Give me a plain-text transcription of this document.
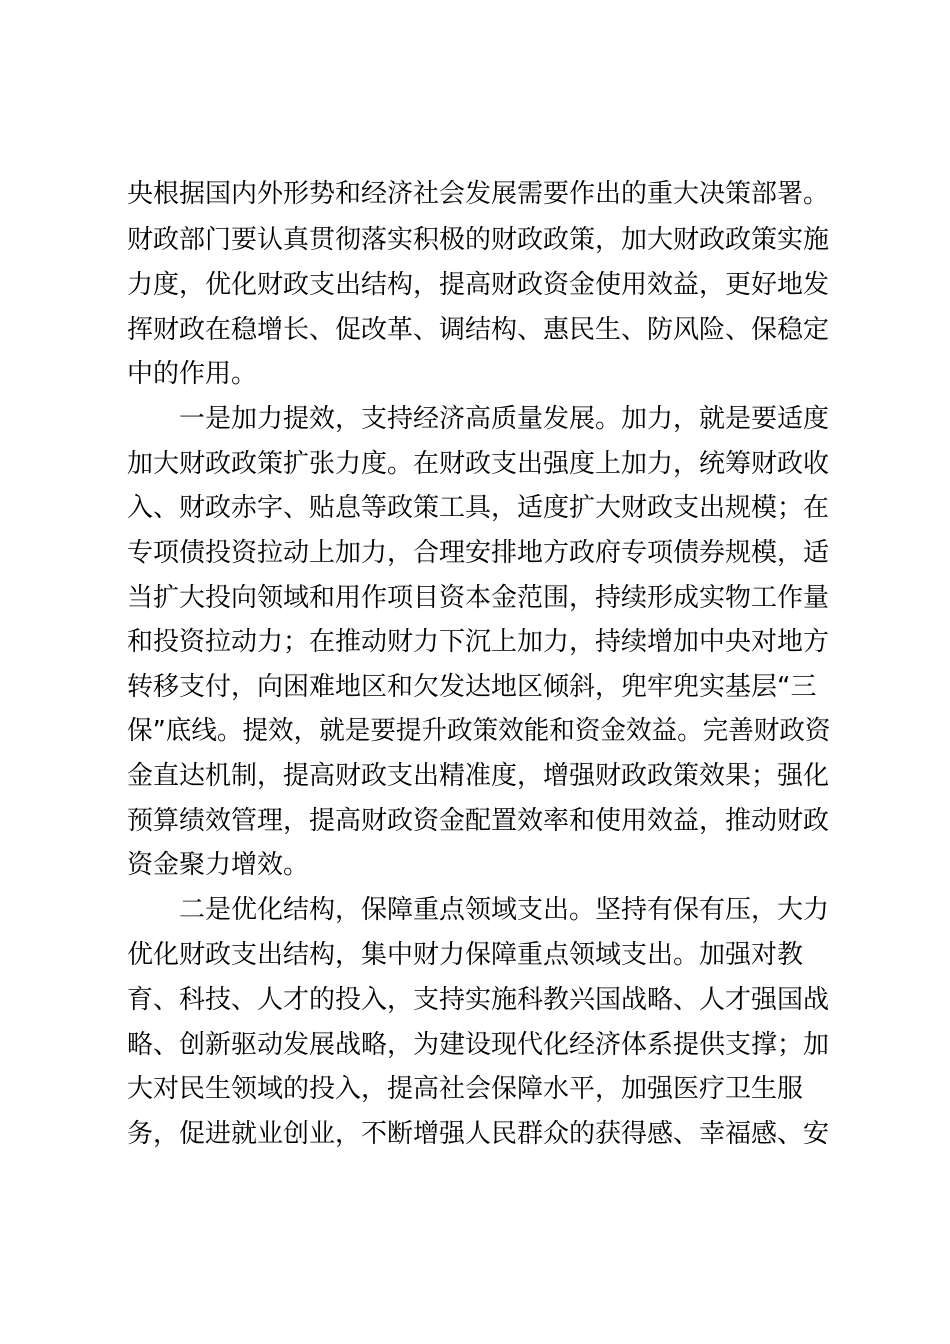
央根据国内外形势和经济社会发展需要作出的重大决策部署。
财政部门要认真贯彻落实积极的财政政策，加大财政政策实施
力度，优化财政支出结构，提高财政资金使用效益，更好地发
挥财政在稳增长、促改革、调结构、惠民生、防风险、保稳定
中的作用。
一是加力提效，支持经济高质量发展。加力，就是要适度
加大财政政策扩张力度。在财政支出强度上加力，统筹财政收
入、财政赤字、贴息等政策工具，适度扩大财政支出规模；在
专项债投资拉动上加力，合理安排地方政府专项债券规模，适
当扩大投向领域和用作项目资本金范围，持续形成实物工作量
和投资拉动力；在推动财力下沉上加力，持续增加中央对地方
转移支付，向困难地区和欠发达地区倾斜，兜牢兜实基层“三
保”底线。提效，就是要提升政策效能和资金效益。完善财政资
金直达机制，提高财政支出精准度，增强财政政策效果；强化
预算绩效管理，提高财政资金配置效率和使用效益，推动财政
资金聚力增效。
二是优化结构，保障重点领域支出。坚持有保有压，大力
优化财政支出结构，集中财力保障重点领域支出。加强对教
育、科技、人才的投入，支持实施科教兴国战略、人才强国战
略、创新驱动发展战略，为建设现代化经济体系提供支撑；加
大对民生领域的投入，提高社会保障水平，加强医疗卫生服
务，促进就业创业，不断增强人民群众的获得感、幸福感、安
